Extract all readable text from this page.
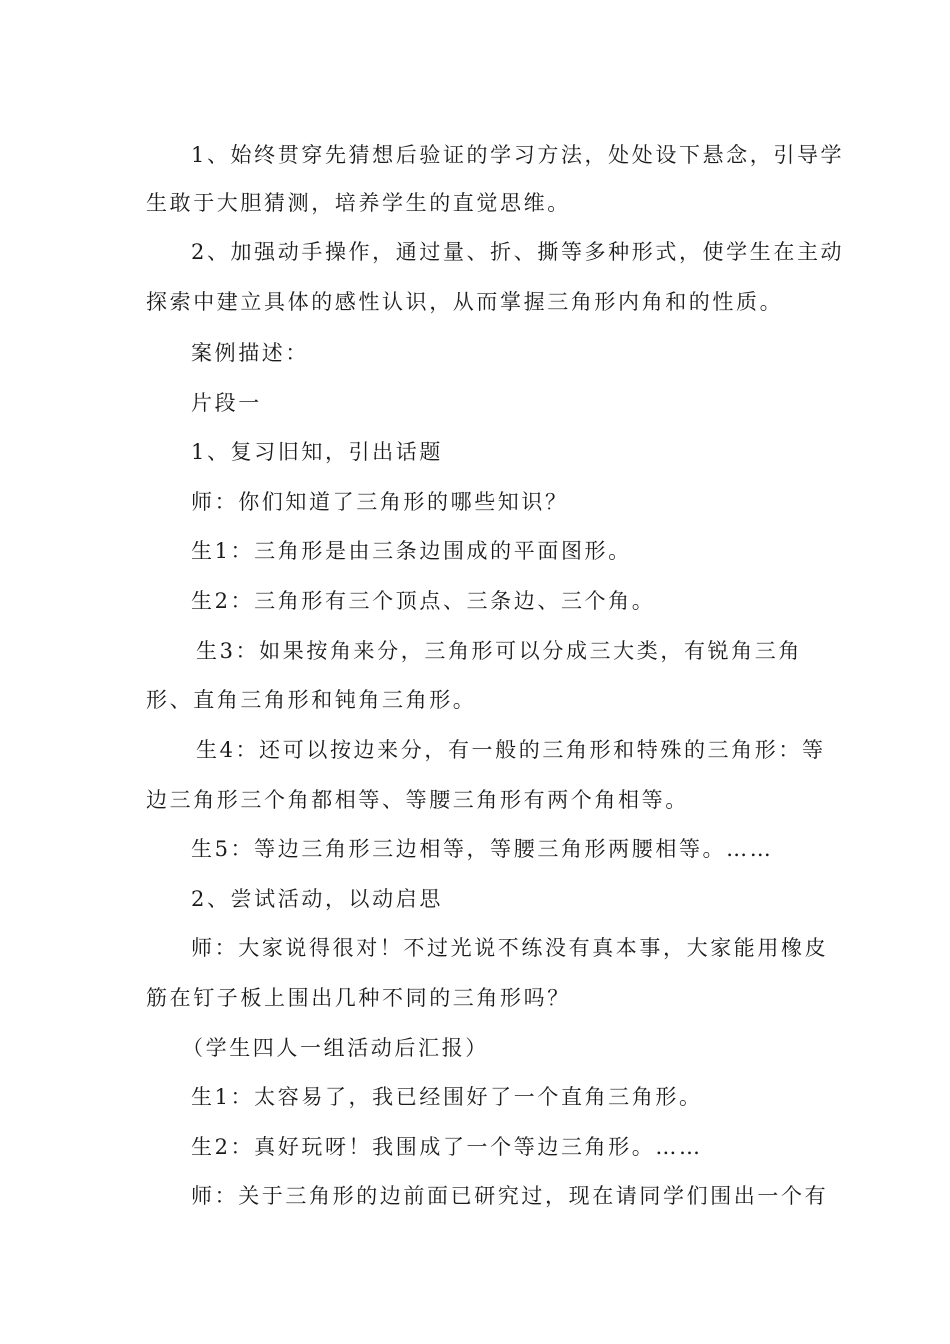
1、始终贯穿先猜想后验证的学习方法，处处设下悬念，引导学
生敢于大胆猜测，培养学生的直觉思维。
2、加强动手操作，通过量、折、撕等多种形式，使学生在主动
探索中建立具体的感性认识，从而掌握三角形内角和的性质。
案例描述：
片段一
1、复习旧知，引出话题
师：你们知道了三角形的哪些知识？
生1：三角形是由三条边围成的平面图形。
生2：三角形有三个顶点、三条边、三个角。
生3：如果按角来分，三角形可以分成三大类，有锐角三角
形、直角三角形和钝角三角形。
生4：还可以按边来分，有一般的三角形和特殊的三角形：等
边三角形三个角都相等、等腰三角形有两个角相等。
生5：等边三角形三边相等，等腰三角形两腰相等。……
2、尝试活动，以动启思
师：大家说得很对！不过光说不练没有真本事，大家能用橡皮
筋在钉子板上围出几种不同的三角形吗？
（学生四人一组活动后汇报）
生1：太容易了，我已经围好了一个直角三角形。
生2：真好玩呀！我围成了一个等边三角形。……
师：关于三角形的边前面已研究过，现在请同学们围出一个有
